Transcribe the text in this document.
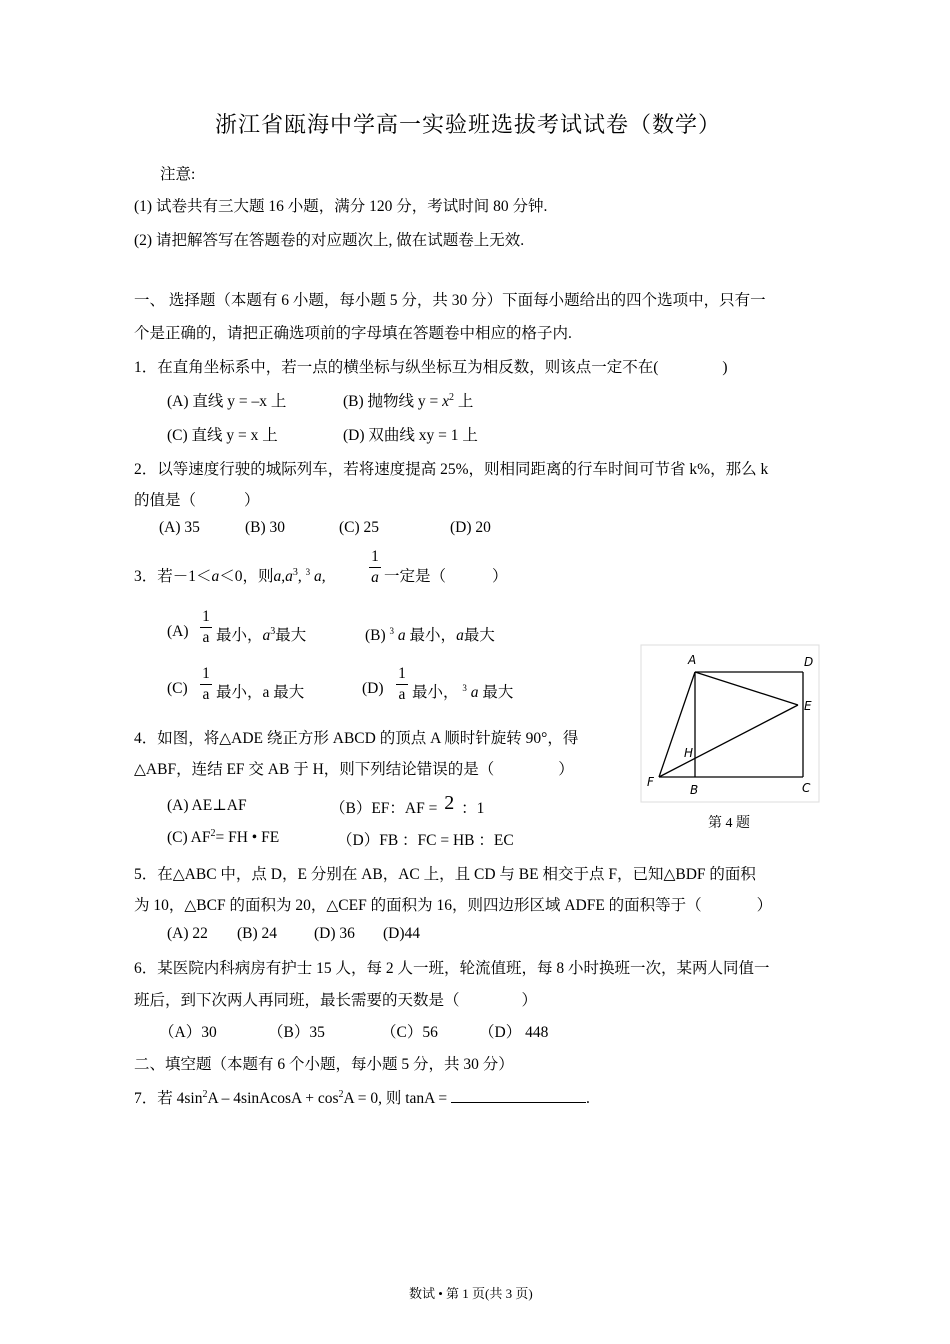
浙江省瓯海中学高一实验班选拔考试试卷（数学）
注意:
(1) 试卷共有三大题 16 小题，满分 120 分，考试时间 80 分钟.
(2) 请把解答写在答题卷的对应题次上, 做在试题卷上无效.
一、 选择题（本题有 6 小题，每小题 5 分，共 30 分）下面每小题给出的四个选项中，只有一
个是正确的，请把正确选项前的字母填在答题卷中相应的格子内.
1．在直角坐标系中，若一点的横坐标与纵坐标互为相反数，则该点一定不在(	)
(A) 直线 y = –x 上	(B) 抛物线 $y = x^2$ 上
(C) 直线 y = x 上	(D) 双曲线 xy = 1 上
2．以等速度行驶的城际列车，若将速度提高 25%，则相同距离的行车时间可节省 k%，那么 k
的值是（	）
(A) 35	(B) 30	(C) 25	(D) 20
3．若－1＜a＜0，则$a,a^3$, $^3$ a,
1
a 一定是（	）
(A)
1
a 最小，$a^3$最大	(B) $^3$ a 最小，a最大
(C)
1
a 最小，a 最大	(D)
1
a 最小， $^3$ a 最大
4．如图，将△ADE 绕正方形 ABCD 的顶点 A 顺时针旋转 90°，得
△ABF，连结 EF 交 AB 于 H，则下列结论错误的是（	）
(A) AE⊥AF	（B）EF：AF = 2 ：1
(C) $AF^2=$ FH • FE	（D）FB ：FC = HB ：EC
A	D
E
H
F
B	C
第 4 题
5．在△ABC 中，点 D，E 分别在 AB，AC 上，且 CD 与 BE 相交于点 F，已知△BDF 的面积
为 10，△BCF 的面积为 20，△CEF 的面积为 16，则四边形区域 ADFE 的面积等于（	）
(A) 22 (B) 24 (D) 36 (D)44
6．某医院内科病房有护士 15 人，每 2 人一班，轮流值班，每 8 小时换班一次，某两人同值一
班后，到下次两人再同班，最长需要的天数是（	）
（A）30	（B）35	（C）56	（D） 448
二、填空题（本题有 6 个小题，每小题 5 分，共 30 分）
7．若 $4\sin^2A$ – 4sinAcosA + $\cos^2A = 0$, 则 tanA =	.
数试 • 第 1 页(共 3 页)
